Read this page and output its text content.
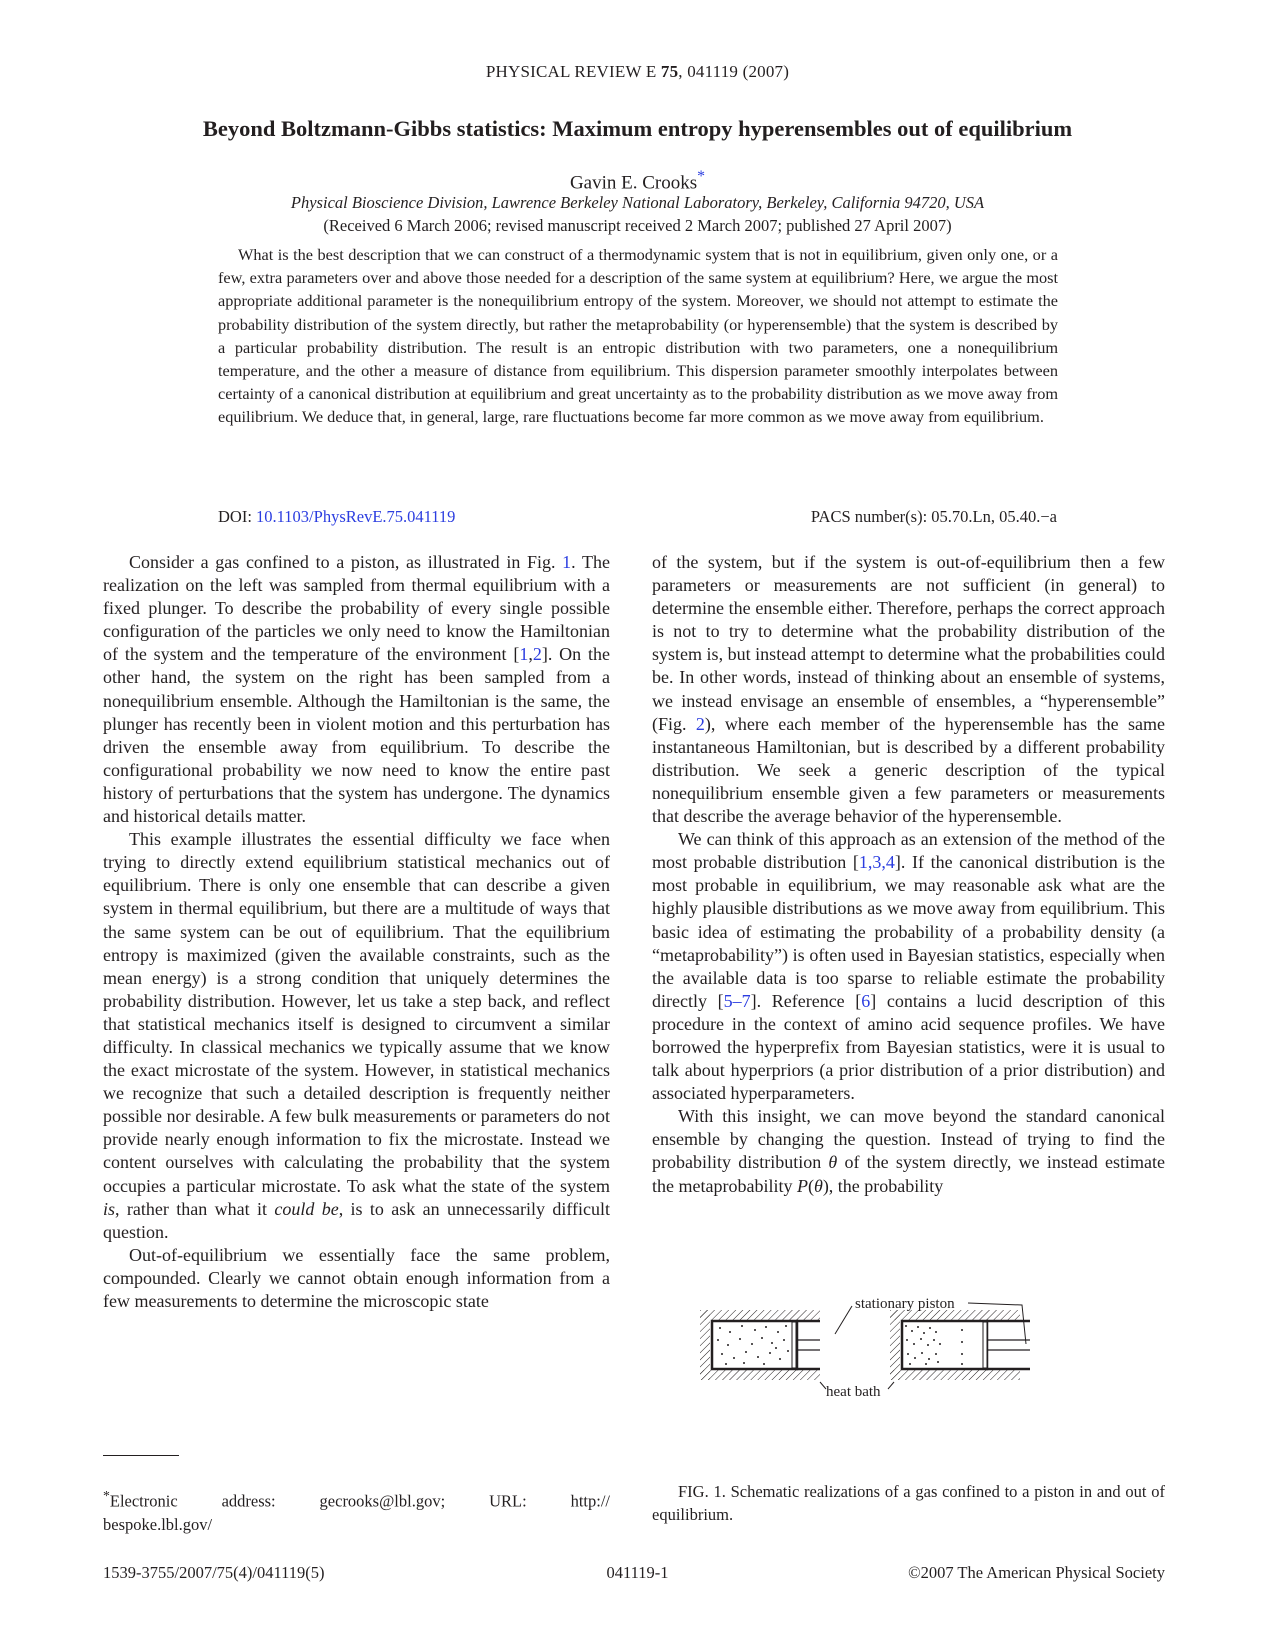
PHYSICAL REVIEW E 75, 041119 (2007)
Beyond Boltzmann-Gibbs statistics: Maximum entropy hyperensembles out of equilibrium
Gavin E. Crooks*
Physical Bioscience Division, Lawrence Berkeley National Laboratory, Berkeley, California 94720, USA
(Received 6 March 2006; revised manuscript received 2 March 2007; published 27 April 2007)
What is the best description that we can construct of a thermodynamic system that is not in equilibrium, given only one, or a few, extra parameters over and above those needed for a description of the same system at equilibrium? Here, we argue the most appropriate additional parameter is the nonequilibrium entropy of the system. Moreover, we should not attempt to estimate the probability distribution of the system directly, but rather the metaprobability (or hyperensemble) that the system is described by a particular probability distribution. The result is an entropic distribution with two parameters, one a nonequilibrium temperature, and the other a measure of distance from equilibrium. This dispersion parameter smoothly interpolates between certainty of a canonical distribution at equilibrium and great uncertainty as to the probability distribution as we move away from equilibrium. We deduce that, in general, large, rare fluctuations become far more common as we move away from equilibrium.
DOI: 10.1103/PhysRevE.75.041119	PACS number(s): 05.70.Ln, 05.40.−a

Consider a gas confined to a piston, as illustrated in Fig. 1. The realization on the left was sampled from thermal equilibrium with a fixed plunger. To describe the probability of every single possible configuration of the particles we only need to know the Hamiltonian of the system and the temperature of the environment [1,2]. On the other hand, the system on the right has been sampled from a nonequilibrium ensemble. Although the Hamiltonian is the same, the plunger has recently been in violent motion and this perturbation has driven the ensemble away from equilibrium. To describe the configurational probability we now need to know the entire past history of perturbations that the system has undergone. The dynamics and historical details matter.

This example illustrates the essential difficulty we face when trying to directly extend equilibrium statistical mechanics out of equilibrium. There is only one ensemble that can describe a given system in thermal equilibrium, but there are a multitude of ways that the same system can be out of equilibrium. That the equilibrium entropy is maximized (given the available constraints, such as the mean energy) is a strong condition that uniquely determines the probability distribution. However, let us take a step back, and reflect that statistical mechanics itself is designed to circumvent a similar difficulty. In classical mechanics we typically assume that we know the exact microstate of the system. However, in statistical mechanics we recognize that such a detailed description is frequently neither possible nor desirable. A few bulk measurements or parameters do not provide nearly enough information to fix the microstate. Instead we content ourselves with calculating the probability that the system occupies a particular microstate. To ask what the state of the system is, rather than what it could be, is to ask an unnecessarily difficult question.

Out-of-equilibrium we essentially face the same problem, compounded. Clearly we cannot obtain enough information from a few measurements to determine the microscopic state

of the system, but if the system is out-of-equilibrium then a few parameters or measurements are not sufficient (in general) to determine the ensemble either. Therefore, perhaps the correct approach is not to try to determine what the probability distribution of the system is, but instead attempt to determine what the probabilities could be. In other words, instead of thinking about an ensemble of systems, we instead envisage an ensemble of ensembles, a “hyperensemble” (Fig. 2), where each member of the hyperensemble has the same instantaneous Hamiltonian, but is described by a different probability distribution. We seek a generic description of the typical nonequilibrium ensemble given a few parameters or measurements that describe the average behavior of the hyperensemble.

We can think of this approach as an extension of the method of the most probable distribution [1,3,4]. If the canonical distribution is the most probable in equilibrium, we may reasonable ask what are the highly plausible distributions as we move away from equilibrium. This basic idea of estimating the probability of a probability density (a “metaprobability”) is often used in Bayesian statistics, especially when the available data is too sparse to reliable estimate the probability directly [5–7]. Reference [6] contains a lucid description of this procedure in the context of amino acid sequence profiles. We have borrowed the hyperprefix from Bayesian statistics, were it is usual to talk about hyperpriors (a prior distribution of a prior distribution) and associated hyperparameters.

With this insight, we can move beyond the standard canonical ensemble by changing the question. Instead of trying to find the probability distribution θ of the system directly, we instead estimate the metaprobability P(θ), the probability

stationary piston
heat bath
FIG. 1. Schematic realizations of a gas confined to a piston in and out of equilibrium.
*Electronic address: gecrooks@lbl.gov; URL: http://
bespoke.lbl.gov/
1539-3755/2007/75(4)/041119(5)	041119-1	©2007 The American Physical Society
